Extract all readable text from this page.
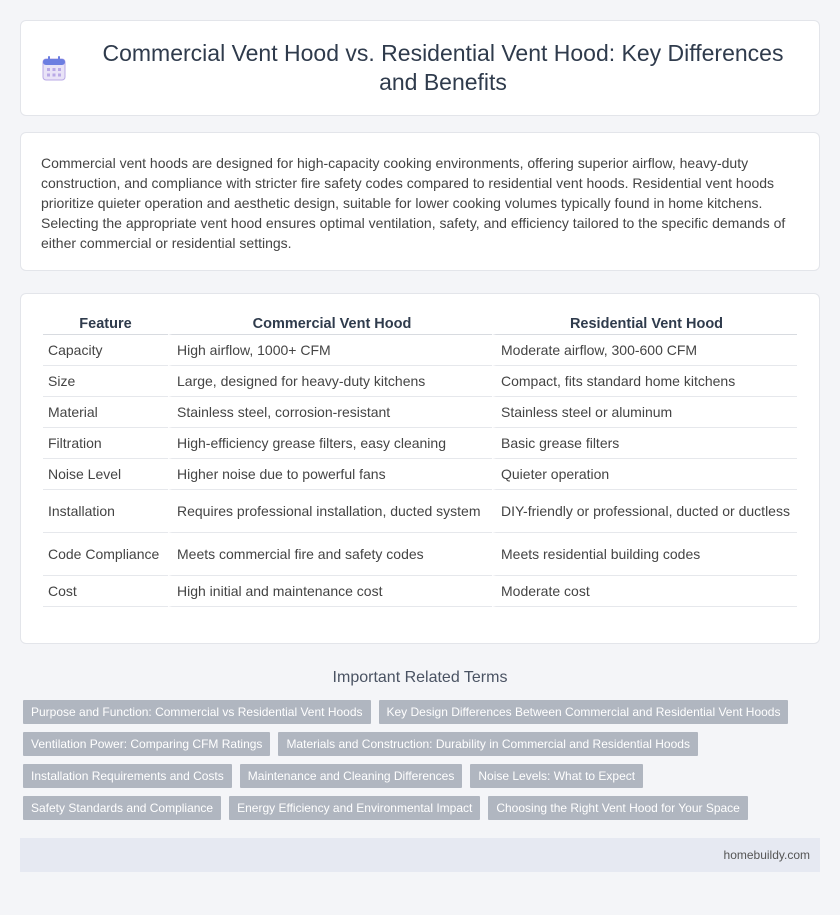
Commercial Vent Hood vs. Residential Vent Hood: Key Differences and Benefits

Commercial vent hoods are designed for high-capacity cooking environments, offering superior airflow, heavy-duty construction, and compliance with stricter fire safety codes compared to residential vent hoods. Residential vent hoods prioritize quieter operation and aesthetic design, suitable for lower cooking volumes typically found in home kitchens. Selecting the appropriate vent hood ensures optimal ventilation, safety, and efficiency tailored to the specific demands of either commercial or residential settings.

Feature	Commercial Vent Hood	Residential Vent Hood
Capacity	High airflow, 1000+ CFM	Moderate airflow, 300-600 CFM
Size	Large, designed for heavy-duty kitchens	Compact, fits standard home kitchens
Material	Stainless steel, corrosion-resistant	Stainless steel or aluminum
Filtration	High-efficiency grease filters, easy cleaning	Basic grease filters
Noise Level	Higher noise due to powerful fans	Quieter operation
Installation	Requires professional installation, ducted system	DIY-friendly or professional, ducted or ductless
Code Compliance	Meets commercial fire and safety codes	Meets residential building codes
Cost	High initial and maintenance cost	Moderate cost
Important Related Terms
Purpose and Function: Commercial vs Residential Vent Hoods	Key Design Differences Between Commercial and Residential Vent Hoods
Ventilation Power: Comparing CFM Ratings	Materials and Construction: Durability in Commercial and Residential Hoods
Installation Requirements and Costs	Maintenance and Cleaning Differences	Noise Levels: What to Expect
Safety Standards and Compliance	Energy Efficiency and Environmental Impact	Choosing the Right Vent Hood for Your Space
homebuildy.com
